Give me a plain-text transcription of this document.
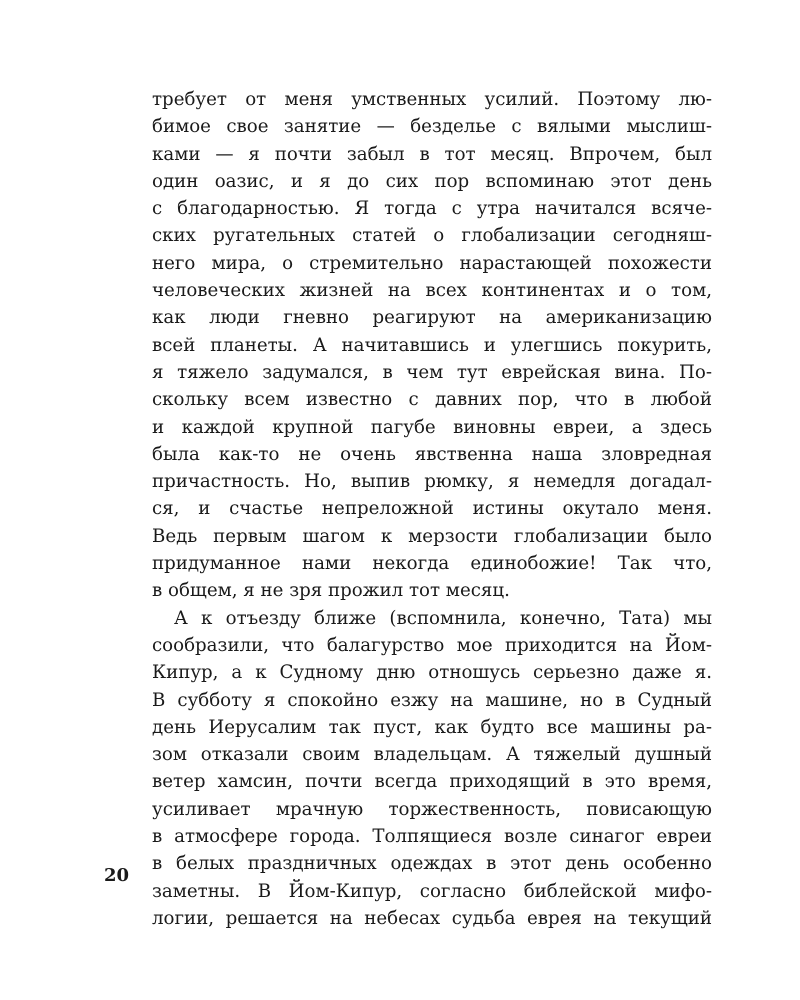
требует от меня умственных усилий. Поэтому лю-
бимое свое занятие — безделье с вялыми мыслиш-
ками — я почти забыл в тот месяц. Впрочем, был
один оазис, и я до сих пор вспоминаю этот день
с благодарностью. Я тогда с утра начитался всяче-
ских ругательных статей о глобализации сегодняш-
него мира, о стремительно нарастающей похожести
человеческих жизней на всех континентах и о том,
как люди гневно реагируют на американизацию
всей планеты. А начитавшись и улегшись покурить,
я тяжело задумался, в чем тут еврейская вина. По-
скольку всем известно с давних пор, что в любой
и каждой крупной пагубе виновны евреи, а здесь
была как-то не очень явственна наша зловредная
причастность. Но, выпив рюмку, я немедля догадал-
ся, и счастье непреложной истины окутало меня.
Ведь первым шагом к мерзости глобализации было
придуманное нами некогда единобожие! Так что,
в общем, я не зря прожил тот месяц.
А к отъезду ближе (вспомнила, конечно, Тата) мы
сообразили, что балагурство мое приходится на Йом-
Кипур, а к Судному дню отношусь серьезно даже я.
В субботу я спокойно езжу на машине, но в Судный
день Иерусалим так пуст, как будто все машины ра-
зом отказали своим владельцам. А тяжелый душный
ветер хамсин, почти всегда приходящий в это время,
усиливает мрачную торжественность, повисающую
в атмосфере города. Толпящиеся возле синагог евреи
в белых праздничных одеждах в этот день особенно
заметны. В Йом-Кипур, согласно библейской мифо-
логии, решается на небесах судьба еврея на текущий
20
